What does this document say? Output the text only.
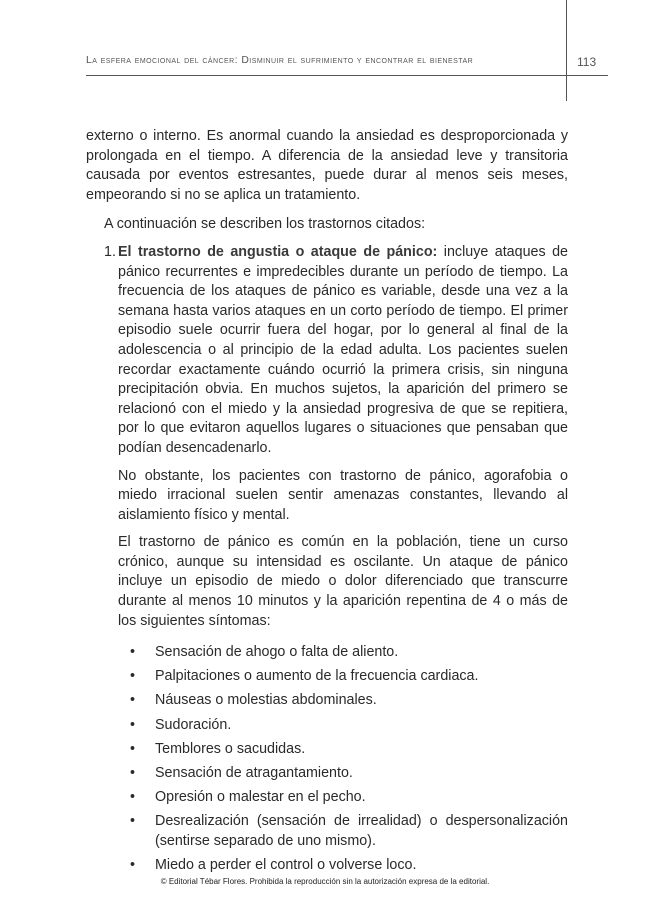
La esfera emocional del cáncer: Disminuir el sufrimiento y encontrar el bienestar	113

externo o interno. Es anormal cuando la ansiedad es desproporcionada y prolongada en el tiempo. A diferencia de la ansiedad leve y transitoria causada por eventos estresantes, puede durar al menos seis meses, empeorando si no se aplica un tratamiento.

A continuación se describen los trastornos citados:

1. El trastorno de angustia o ataque de pánico: incluye ataques de pánico recurrentes e impredecibles durante un período de tiempo. La frecuencia de los ataques de pánico es variable, desde una vez a la semana hasta varios ataques en un corto período de tiempo. El primer episodio suele ocurrir fuera del hogar, por lo general al final de la adolescencia o al principio de la edad adulta. Los pacientes suelen recordar exactamente cuándo ocurrió la primera crisis, sin ninguna precipitación obvia. En muchos sujetos, la aparición del primero se relacionó con el miedo y la ansiedad progresiva de que se repitiera, por lo que evitaron aquellos lugares o situaciones que pensaban que podían desencadenarlo.

No obstante, los pacientes con trastorno de pánico, agorafobia o miedo irracional suelen sentir amenazas constantes, llevando al aislamiento físico y mental.

El trastorno de pánico es común en la población, tiene un curso crónico, aunque su intensidad es oscilante. Un ataque de pánico incluye un episodio de miedo o dolor diferenciado que transcurre durante al menos 10 minutos y la aparición repentina de 4 o más de los siguientes síntomas:

• Sensación de ahogo o falta de aliento.
• Palpitaciones o aumento de la frecuencia cardiaca.
• Náuseas o molestias abdominales.
• Sudoración.
• Temblores o sacudidas.
• Sensación de atragantamiento.
• Opresión o malestar en el pecho.
• Desrealización (sensación de irrealidad) o despersonalización (sentirse separado de uno mismo).
• Miedo a perder el control o volverse loco.
© Editorial Tébar Flores. Prohibida la reproducción sin la autorización expresa de la editorial.
